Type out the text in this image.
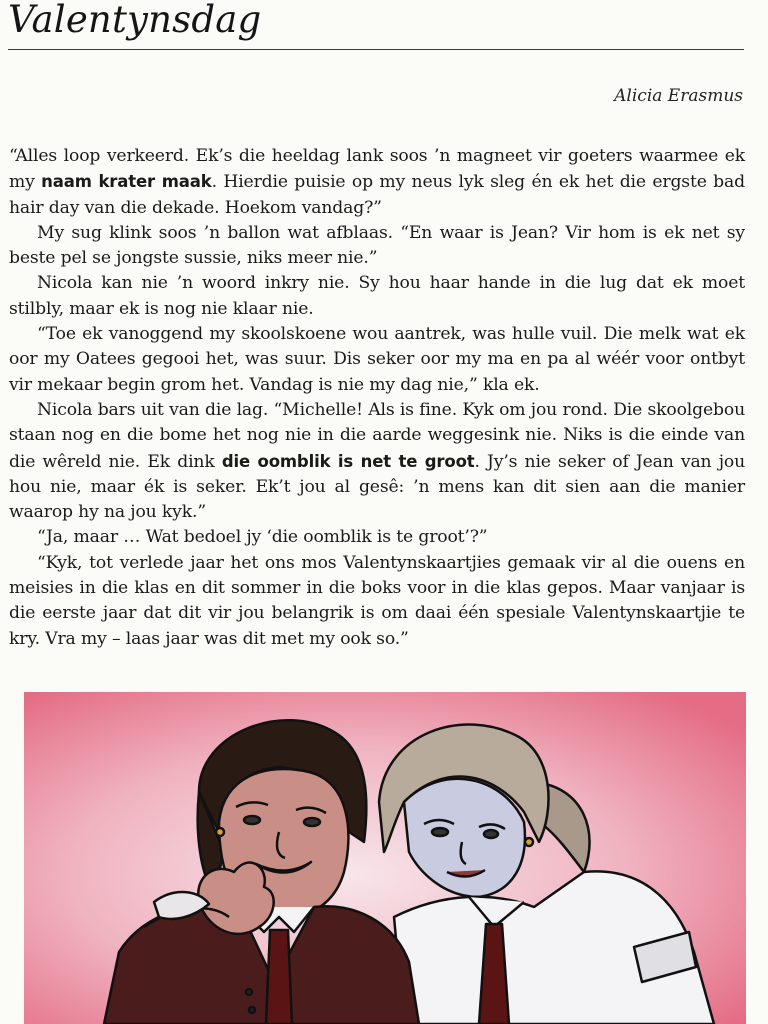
Valentynsdag
Alicia Erasmus

“Alles loop verkeerd. Ek’s die heeldag lank soos ’n magneet vir goeters waarmee ek my naam krater maak. Hierdie puisie op my neus lyk sleg én ek het die ergste bad hair day van die dekade. Hoekom vandag?”

My sug klink soos ’n ballon wat afblaas. “En waar is Jean? Vir hom is ek net sy beste pel se jongste sussie, niks meer nie.”

Nicola kan nie ’n woord inkry nie. Sy hou haar hande in die lug dat ek moet stilbly, maar ek is nog nie klaar nie.

“Toe ek vanoggend my skoolskoene wou aantrek, was hulle vuil. Die melk wat ek oor my Oatees gegooi het, was suur. Dis seker oor my ma en pa al wéér voor ontbyt vir mekaar begin grom het. Vandag is nie my dag nie,” kla ek.

Nicola bars uit van die lag. “Michelle! Als is fine. Kyk om jou rond. Die skoolgebou staan nog en die bome het nog nie in die aarde weggesink nie. Niks is die einde van die wêreld nie. Ek dink die oomblik is net te groot. Jy’s nie seker of Jean van jou hou nie, maar ék is seker. Ek’t jou al gesê: ’n mens kan dit sien aan die manier waarop hy na jou kyk.”

“Ja, maar … Wat bedoel jy ‘die oomblik is te groot’?”

“Kyk, tot verlede jaar het ons mos Valentynskaartjies gemaak vir al die ouens en meisies in die klas en dit sommer in die boks voor in die klas gepos. Maar vanjaar is die eerste jaar dat dit vir jou belangrik is om daai één spesiale Valentynskaartjie te kry. Vra my – laas jaar was dit met my ook so.”
